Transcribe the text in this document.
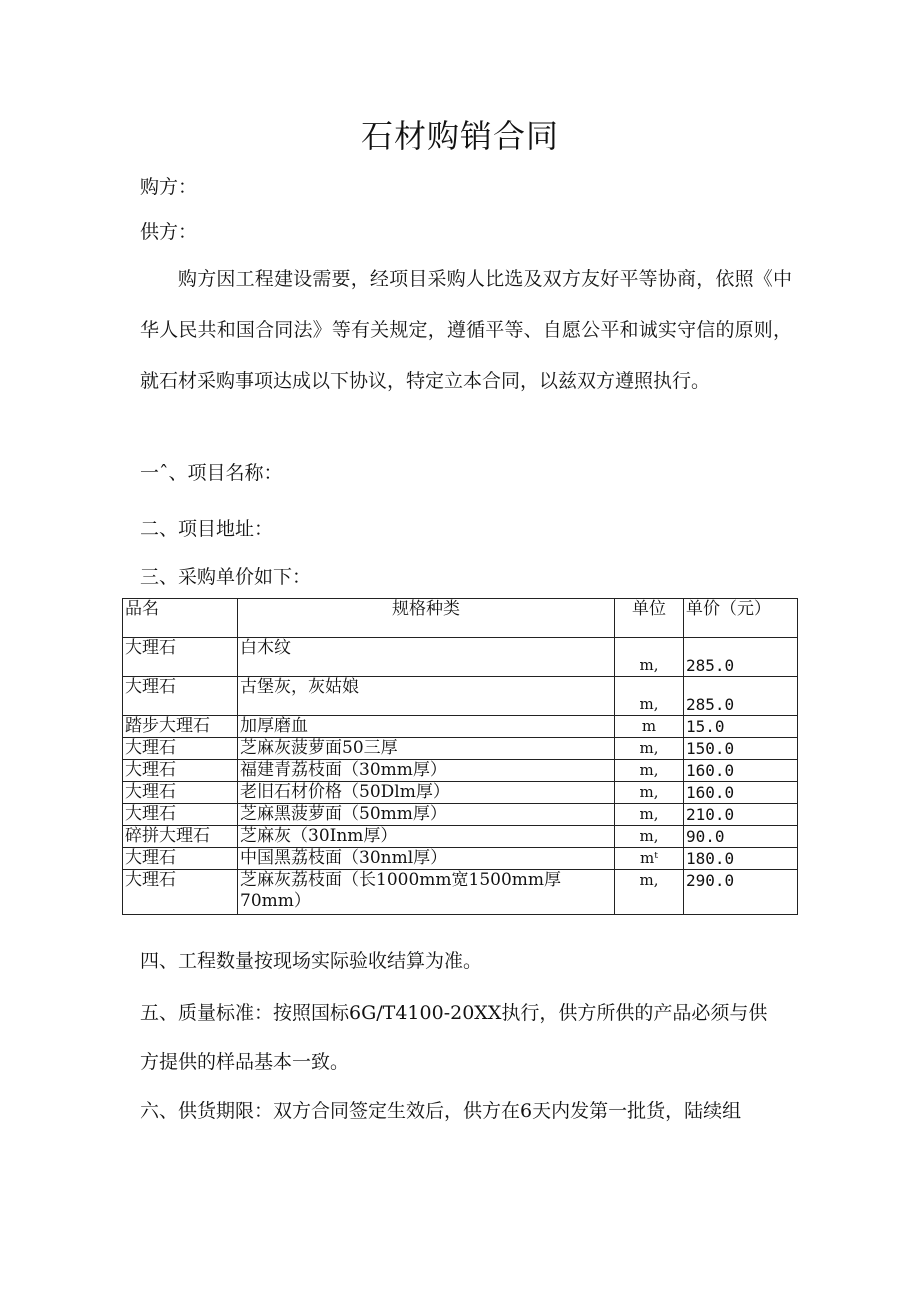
石材购销合同
购方：
供方：
购方因工程建设需要，经项目采购人比选及双方友好平等协商，依照《中华人民共和国合同法》等有关规定，遵循平等、自愿公平和诚实守信的原则，就石材采购事项达成以下协议，特定立本合同，以兹双方遵照执行。
一ˆ、项目名称：
二、项目地址：
三、采购单价如下：
品名	规格种类	单位	单价（元）
大理石	白木纹	m,	285.0
大理石	古堡灰，灰姑娘	m,	285.0
踏步大理石	加厚磨血	m	15.0
大理石	芝麻灰菠萝面50三厚	m,	150.0
大理石	福建青荔枝面（30mm厚）	m,	160.0
大理石	老旧石材价格（50Dlm厚）	m,	160.0
大理石	芝麻黑菠萝面（50mm厚）	m,	210.0
碎拼大理石	芝麻灰（30Inm厚）	m,	90.0
大理石	中国黑荔枝面（30nml厚）	mᵗ	180.0
大理石	芝麻灰荔枝面（长1000mm宽1500mm厚70mm）	m,	290.0
四、工程数量按现场实际验收结算为准。
五、质量标准：按照国标6G/T4100-20XX执行，供方所供的产品必须与供
方提供的样品基本一致。
六、供货期限：双方合同签定生效后，供方在6天内发第一批货，陆续组
